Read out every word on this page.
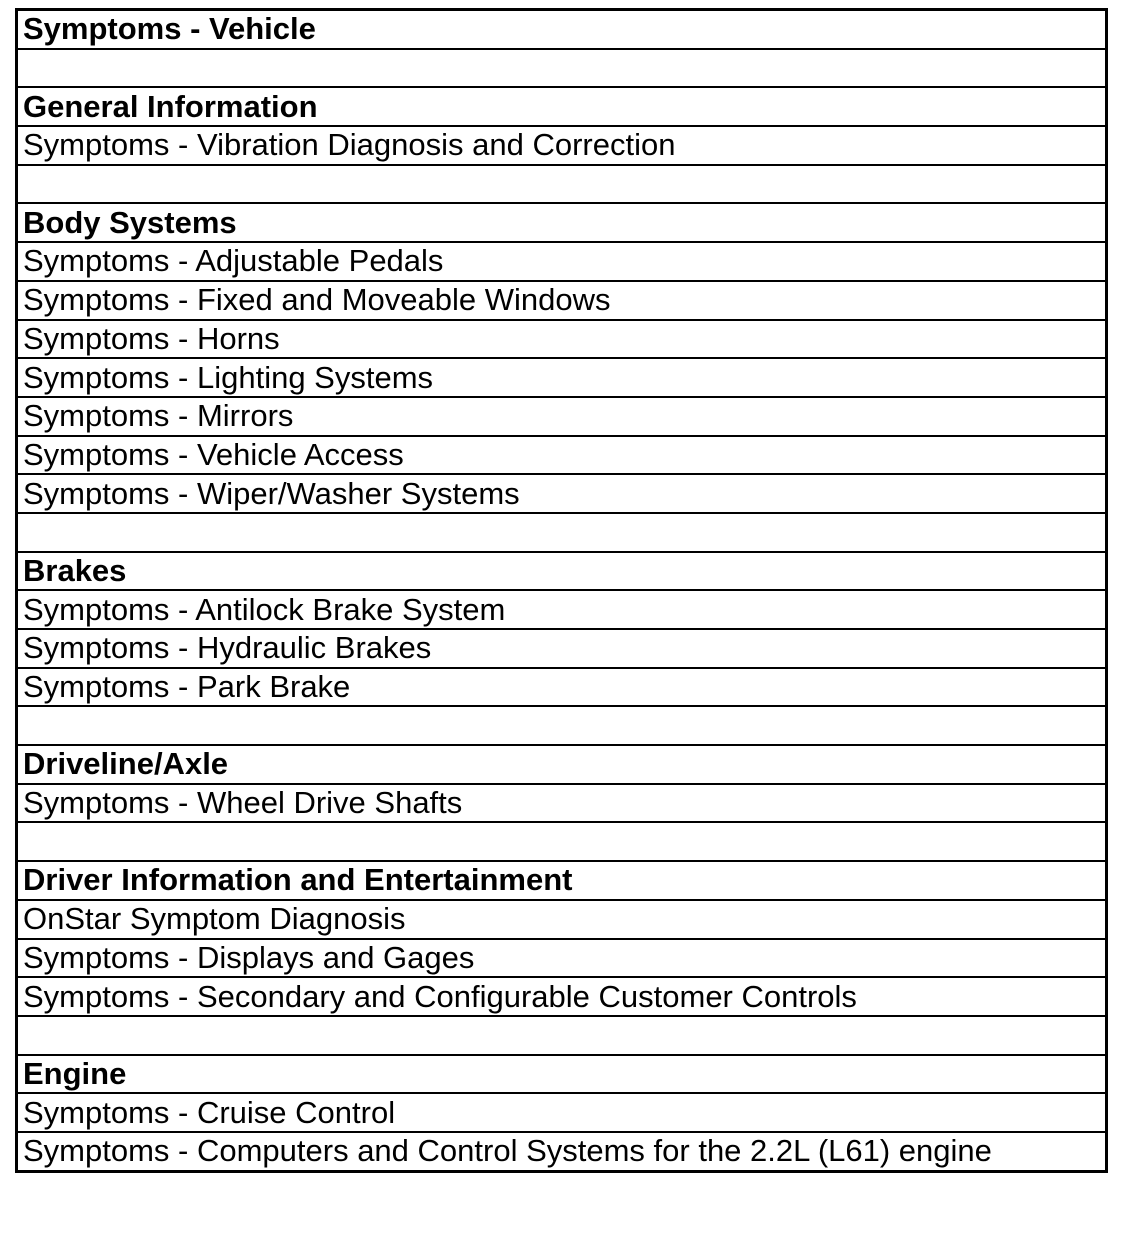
Symptoms - Vehicle

General Information
Symptoms - Vibration Diagnosis and Correction

Body Systems
Symptoms - Adjustable Pedals
Symptoms - Fixed and Moveable Windows
Symptoms - Horns
Symptoms - Lighting Systems
Symptoms - Mirrors
Symptoms - Vehicle Access
Symptoms - Wiper/Washer Systems

Brakes
Symptoms - Antilock Brake System
Symptoms - Hydraulic Brakes
Symptoms - Park Brake

Driveline/Axle
Symptoms - Wheel Drive Shafts

Driver Information and Entertainment
OnStar Symptom Diagnosis
Symptoms - Displays and Gages
Symptoms - Secondary and Configurable Customer Controls

Engine
Symptoms - Cruise Control
Symptoms - Computers and Control Systems for the 2.2L (L61) engine
